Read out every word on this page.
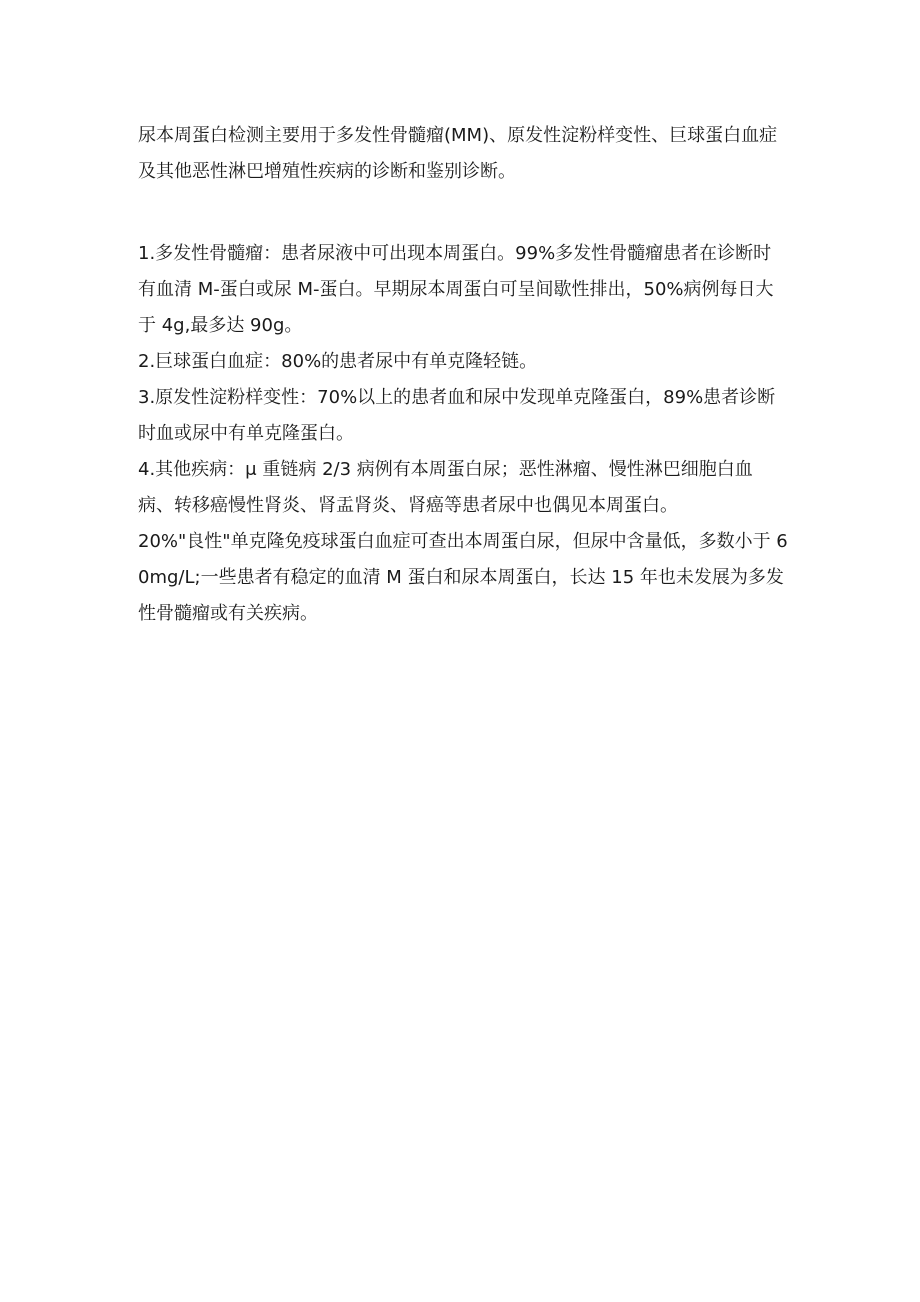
尿本周蛋白检测主要用于多发性骨髓瘤(MM)、原发性淀粉样变性、巨球蛋白血症及其他恶性淋巴增殖性疾病的诊断和鉴别诊断。

1.多发性骨髓瘤：患者尿液中可出现本周蛋白。99%多发性骨髓瘤患者在诊断时有血清 M-蛋白或尿 M-蛋白。早期尿本周蛋白可呈间歇性排出，50%病例每日大于 4g,最多达 90g。

2.巨球蛋白血症：80%的患者尿中有单克隆轻链。

3.原发性淀粉样变性：70%以上的患者血和尿中发现单克隆蛋白，89%患者诊断时血或尿中有单克隆蛋白。

4.其他疾病：μ 重链病 2/3 病例有本周蛋白尿；恶性淋瘤、慢性淋巴细胞白血病、转移癌慢性肾炎、肾盂肾炎、肾癌等患者尿中也偶见本周蛋白。

20%"良性"单克隆免疫球蛋白血症可查出本周蛋白尿，但尿中含量低，多数小于 60mg/L;一些患者有稳定的血清 M 蛋白和尿本周蛋白，长达 15 年也未发展为多发性骨髓瘤或有关疾病。
